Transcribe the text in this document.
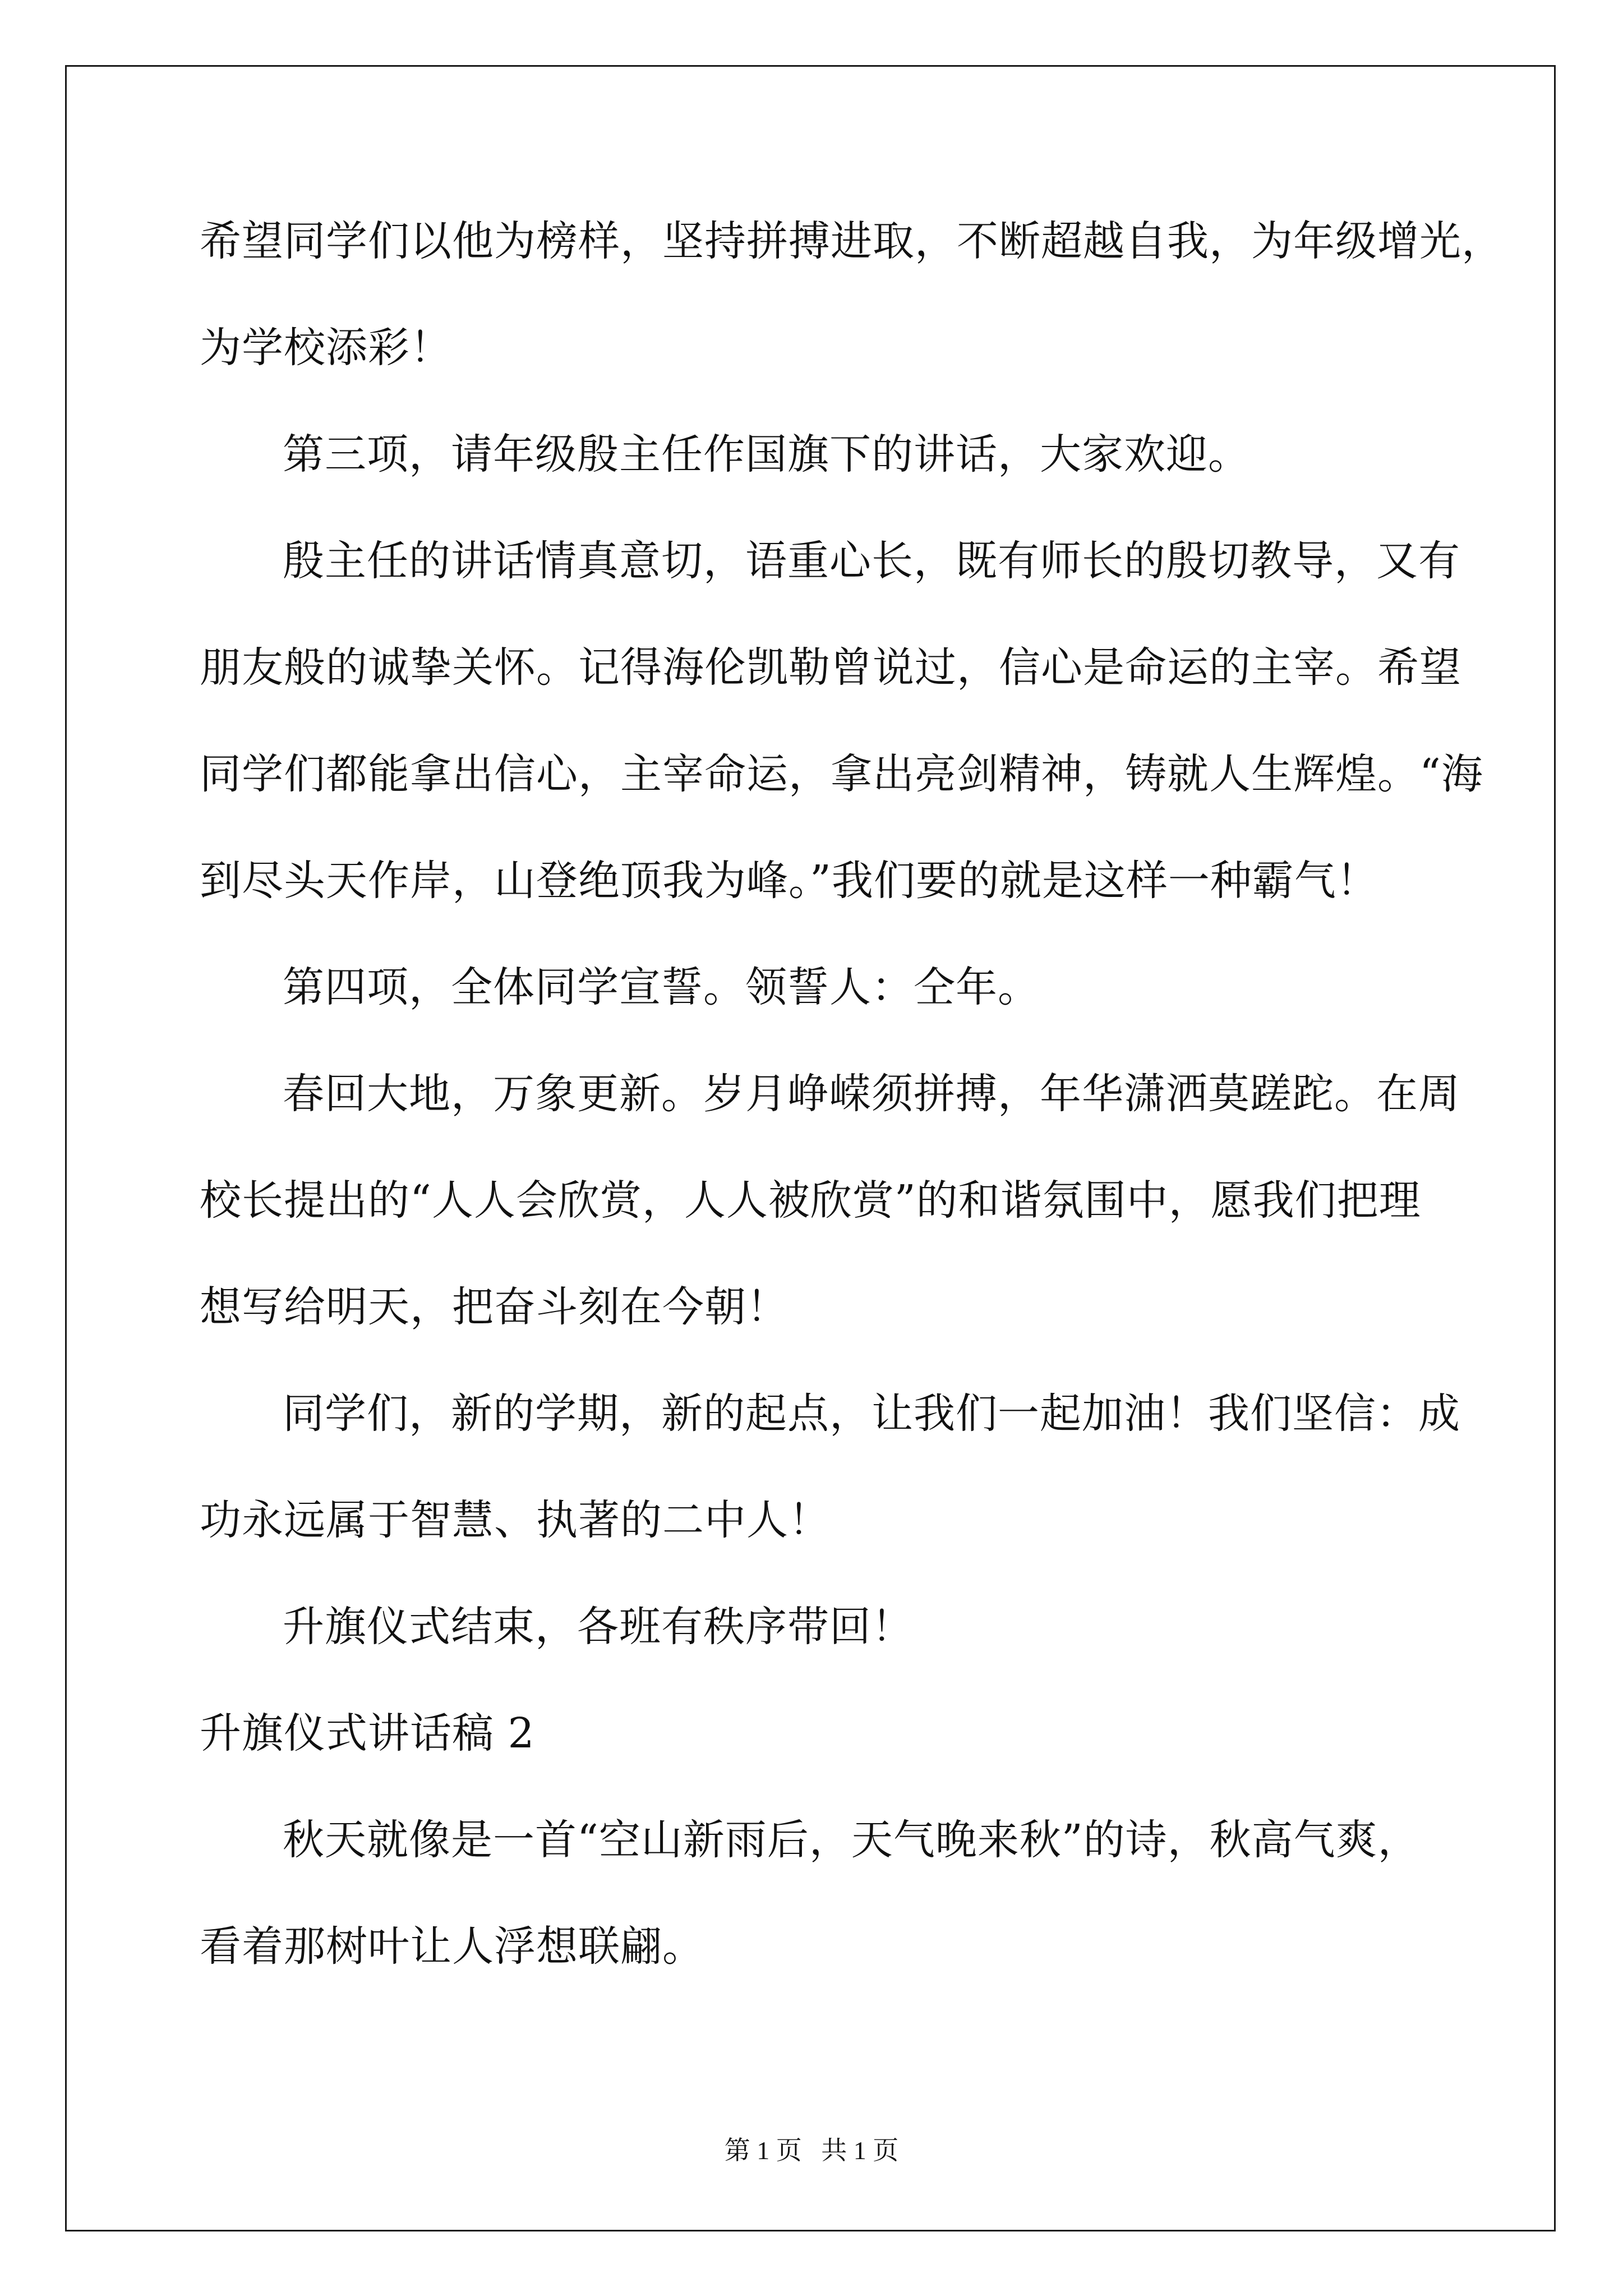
希望同学们以他为榜样，坚持拼搏进取，不断超越自我，为年级增光，
为学校添彩！
第三项，请年级殷主任作国旗下的讲话，大家欢迎。
殷主任的讲话情真意切，语重心长，既有师长的殷切教导，又有
朋友般的诚挚关怀。记得海伦凯勒曾说过，信心是命运的主宰。希望
同学们都能拿出信心，主宰命运，拿出亮剑精神，铸就人生辉煌。“海
到尽头天作岸，山登绝顶我为峰。”我们要的就是这样一种霸气！
第四项，全体同学宣誓。领誓人：仝年。
春回大地，万象更新。岁月峥嵘须拼搏，年华潇洒莫蹉跎。在周
校长提出的“人人会欣赏，人人被欣赏”的和谐氛围中，愿我们把理
想写给明天，把奋斗刻在今朝！
同学们，新的学期，新的起点，让我们一起加油！我们坚信：成
功永远属于智慧、执著的二中人！
升旗仪式结束，各班有秩序带回！
升旗仪式讲话稿 2
秋天就像是一首“空山新雨后，天气晚来秋”的诗，秋高气爽，
看着那树叶让人浮想联翩。
第 1 页   共 1 页
